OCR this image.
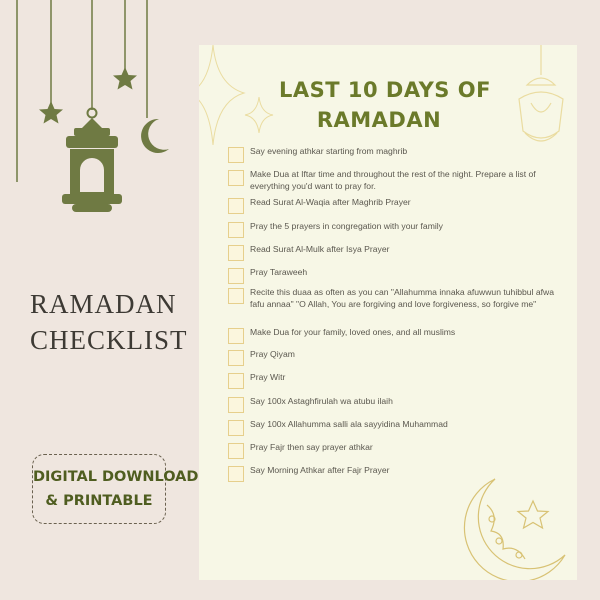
RAMADAN
CHECKLIST
DIGITAL DOWNLOAD
& PRINTABLE
LAST 10 DAYS OF
RAMADAN
Say evening athkar starting from maghrib
Make Dua at Iftar time and throughout the rest of the night. Prepare a list of everything you'd want to pray for.
Read Surat Al-Waqia after Maghrib Prayer
Pray the 5 prayers in congregation with your family
Read Surat Al-Mulk after Isya Prayer
Pray Taraweeh
Recite this duaa as often as you can "Allahumma innaka afuwwun tuhibbul afwa fafu annaa" "O Allah, You are forgiving and love forgiveness, so forgive me"
Make Dua for your family, loved ones, and all muslims
Pray Qiyam
Pray Witr
Say 100x Astaghfirulah wa atubu ilaih
Say 100x Allahumma salli ala sayyidina Muhammad
Pray Fajr then say prayer athkar
Say Morning Athkar after Fajr Prayer
